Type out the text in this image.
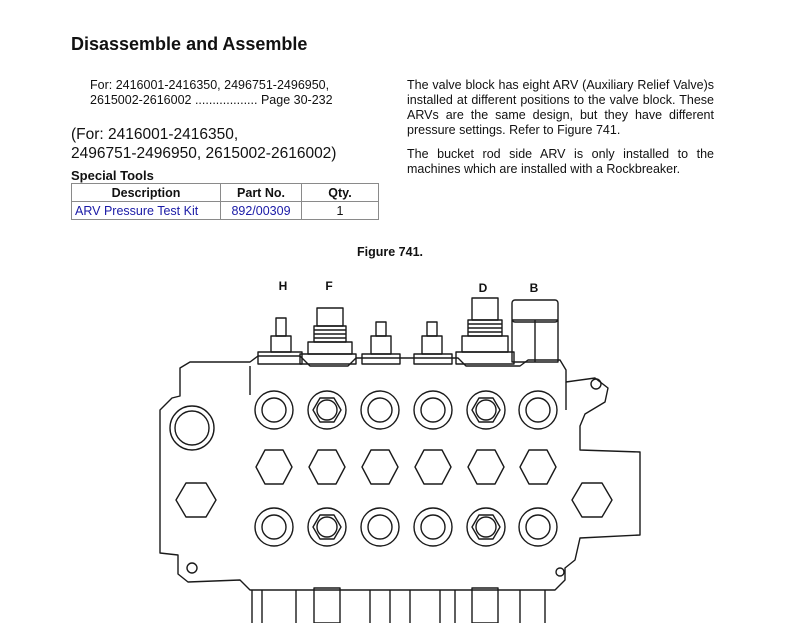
Disassemble and Assemble
For: 2416001-2416350, 2496751-2496950,
2615002-2616002 .................. Page 30-232
(For: 2416001-2416350,
2496751-2496950, 2615002-2616002)
Special Tools
Description	Part No.	Qty.
ARV Pressure Test Kit	892/00309	1

The valve block has eight ARV (Auxiliary Relief Valve)s installed at different positions to the valve block. These ARVs are the same design, but they have different pressure settings. Refer to Figure 741.

The bucket rod side ARV is only installed to the machines which are installed with a Rockbreaker.

Figure 741.

H	F	D	B
